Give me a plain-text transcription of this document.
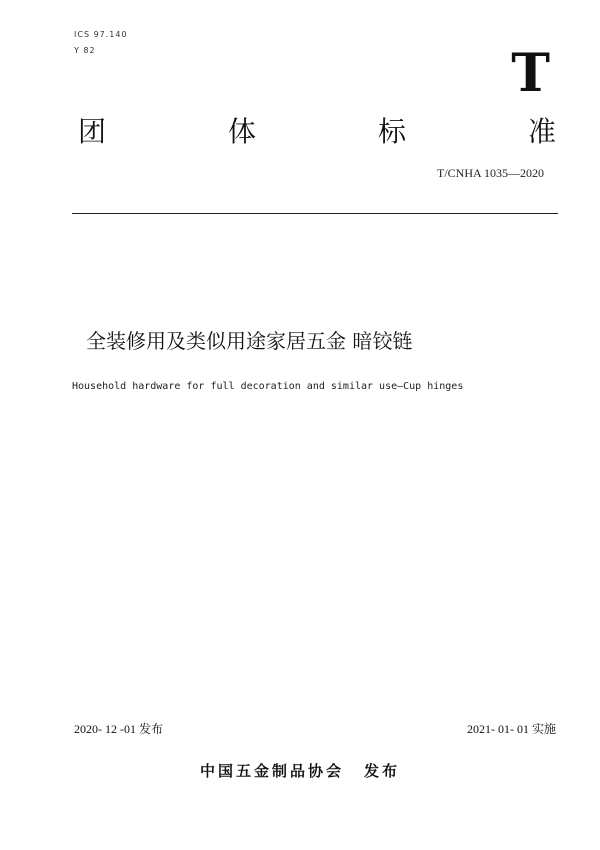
ICS 97.140
Y 82	T
团	体	标	准
T/CNHA 1035—2020
全装修用及类似用途家居五金 暗铰链
Household hardware for full decoration and similar use—Cup hinges
2020- 12 -01 发布	2021- 01- 01 实施
中国五金制品协会 发布
